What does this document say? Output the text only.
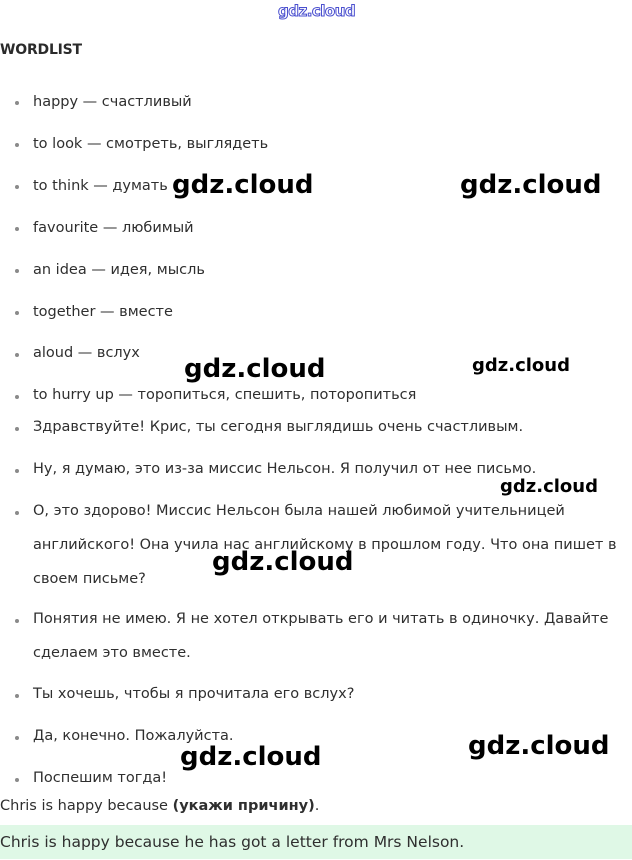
gdz.cloud
WORDLIST
happy — счастливый
to look — смотреть, выглядеть
to think — думать
favourite — любимый
an idea — идея, мысль
together — вместе
aloud — вслух
to hurry up — торопиться, спешить, поторопиться
Здравствуйте! Крис, ты сегодня выглядишь очень счастливым.
Ну, я думаю, это из-за миссис Нельсон. Я получил от нее письмо.
О, это здорово! Миссис Нельсон была нашей любимой учительницей английского! Она учила нас английскому в прошлом году. Что она пишет в своем письме?
Понятия не имею. Я не хотел открывать его и читать в одиночку. Давайте сделаем это вместе.
Ты хочешь, чтобы я прочитала его вслух?
Да, конечно. Пожалуйста.
Поспешим тогда!
Chris is happy because (укажи причину).
Chris is happy because he has got a letter from Mrs Nelson.
gdz.cloud	gdz.cloud
gdz.cloud	gdz.cloud
gdz.cloud
gdz.cloud
gdz.cloud
gdz.cloud
